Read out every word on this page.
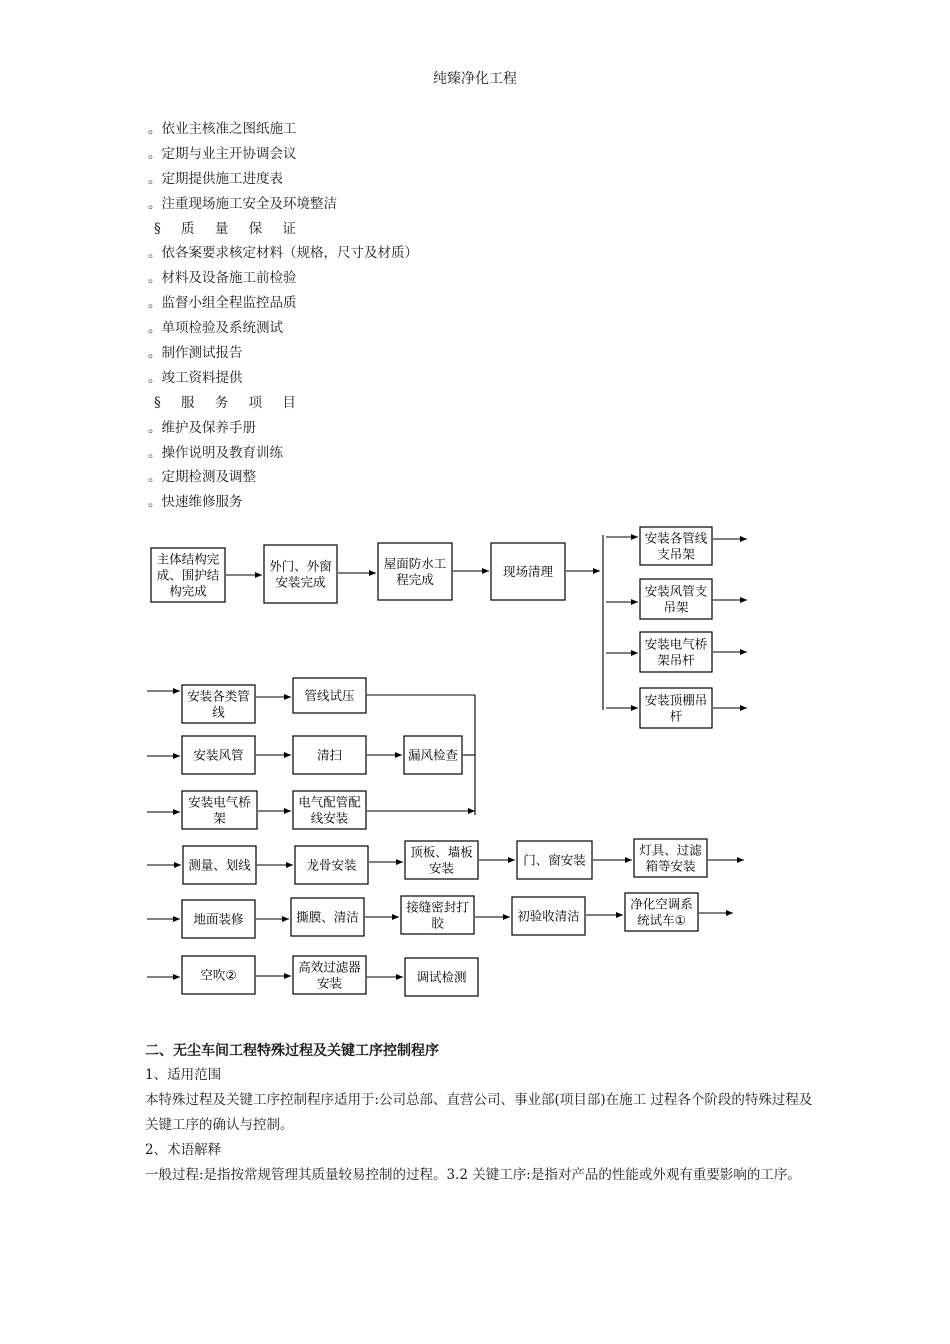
纯臻净化工程
。依业主核准之图纸施工
。定期与业主开协调会议
。定期提供施工进度表
。注重现场施工安全及环境整洁
§ 质 量 保 证
。依各案要求核定材料（规格，尺寸及材质）
。材料及设备施工前检验
。监督小组全程监控品质
。单项检验及系统测试
。制作测试报告
。竣工资料提供
§ 服 务 项 目
。维护及保养手册
。操作说明及教育训练
。定期检测及调整
。快速维修服务
主体结构完
成、围护结
构完成
外门、外窗
安装完成
屋面防水工
程完成
现场清理
安装各管线
支吊架
安装风管支
吊架
安装电气桥
架吊杆
安装顶棚吊
杆
安装各类管
线
管线试压
安装风管	清扫	漏风检查
安装电气桥
架
电气配管配
线安装
测量、划线	龙骨安装
顶板、墙板
安装
门、窗安装
灯具、过滤
箱等安装
地面装修	撕膜、清洁
接缝密封打
胶	初验收清洁
净化空调系
统试车①
空吹②
高效过滤器
安装	调试检测
二、无尘车间工程特殊过程及关键工序控制程序

1、适用范围

本特殊过程及关键工序控制程序适用于:公司总部、直营公司、事业部(项目部)在施工 过程各个阶段的特殊过程及关键工序的确认与控制。

2、术语解释

一般过程:是指按常规管理其质量较易控制的过程。3.2 关键工序:是指对产品的性能或外观有重要影响的工序。
